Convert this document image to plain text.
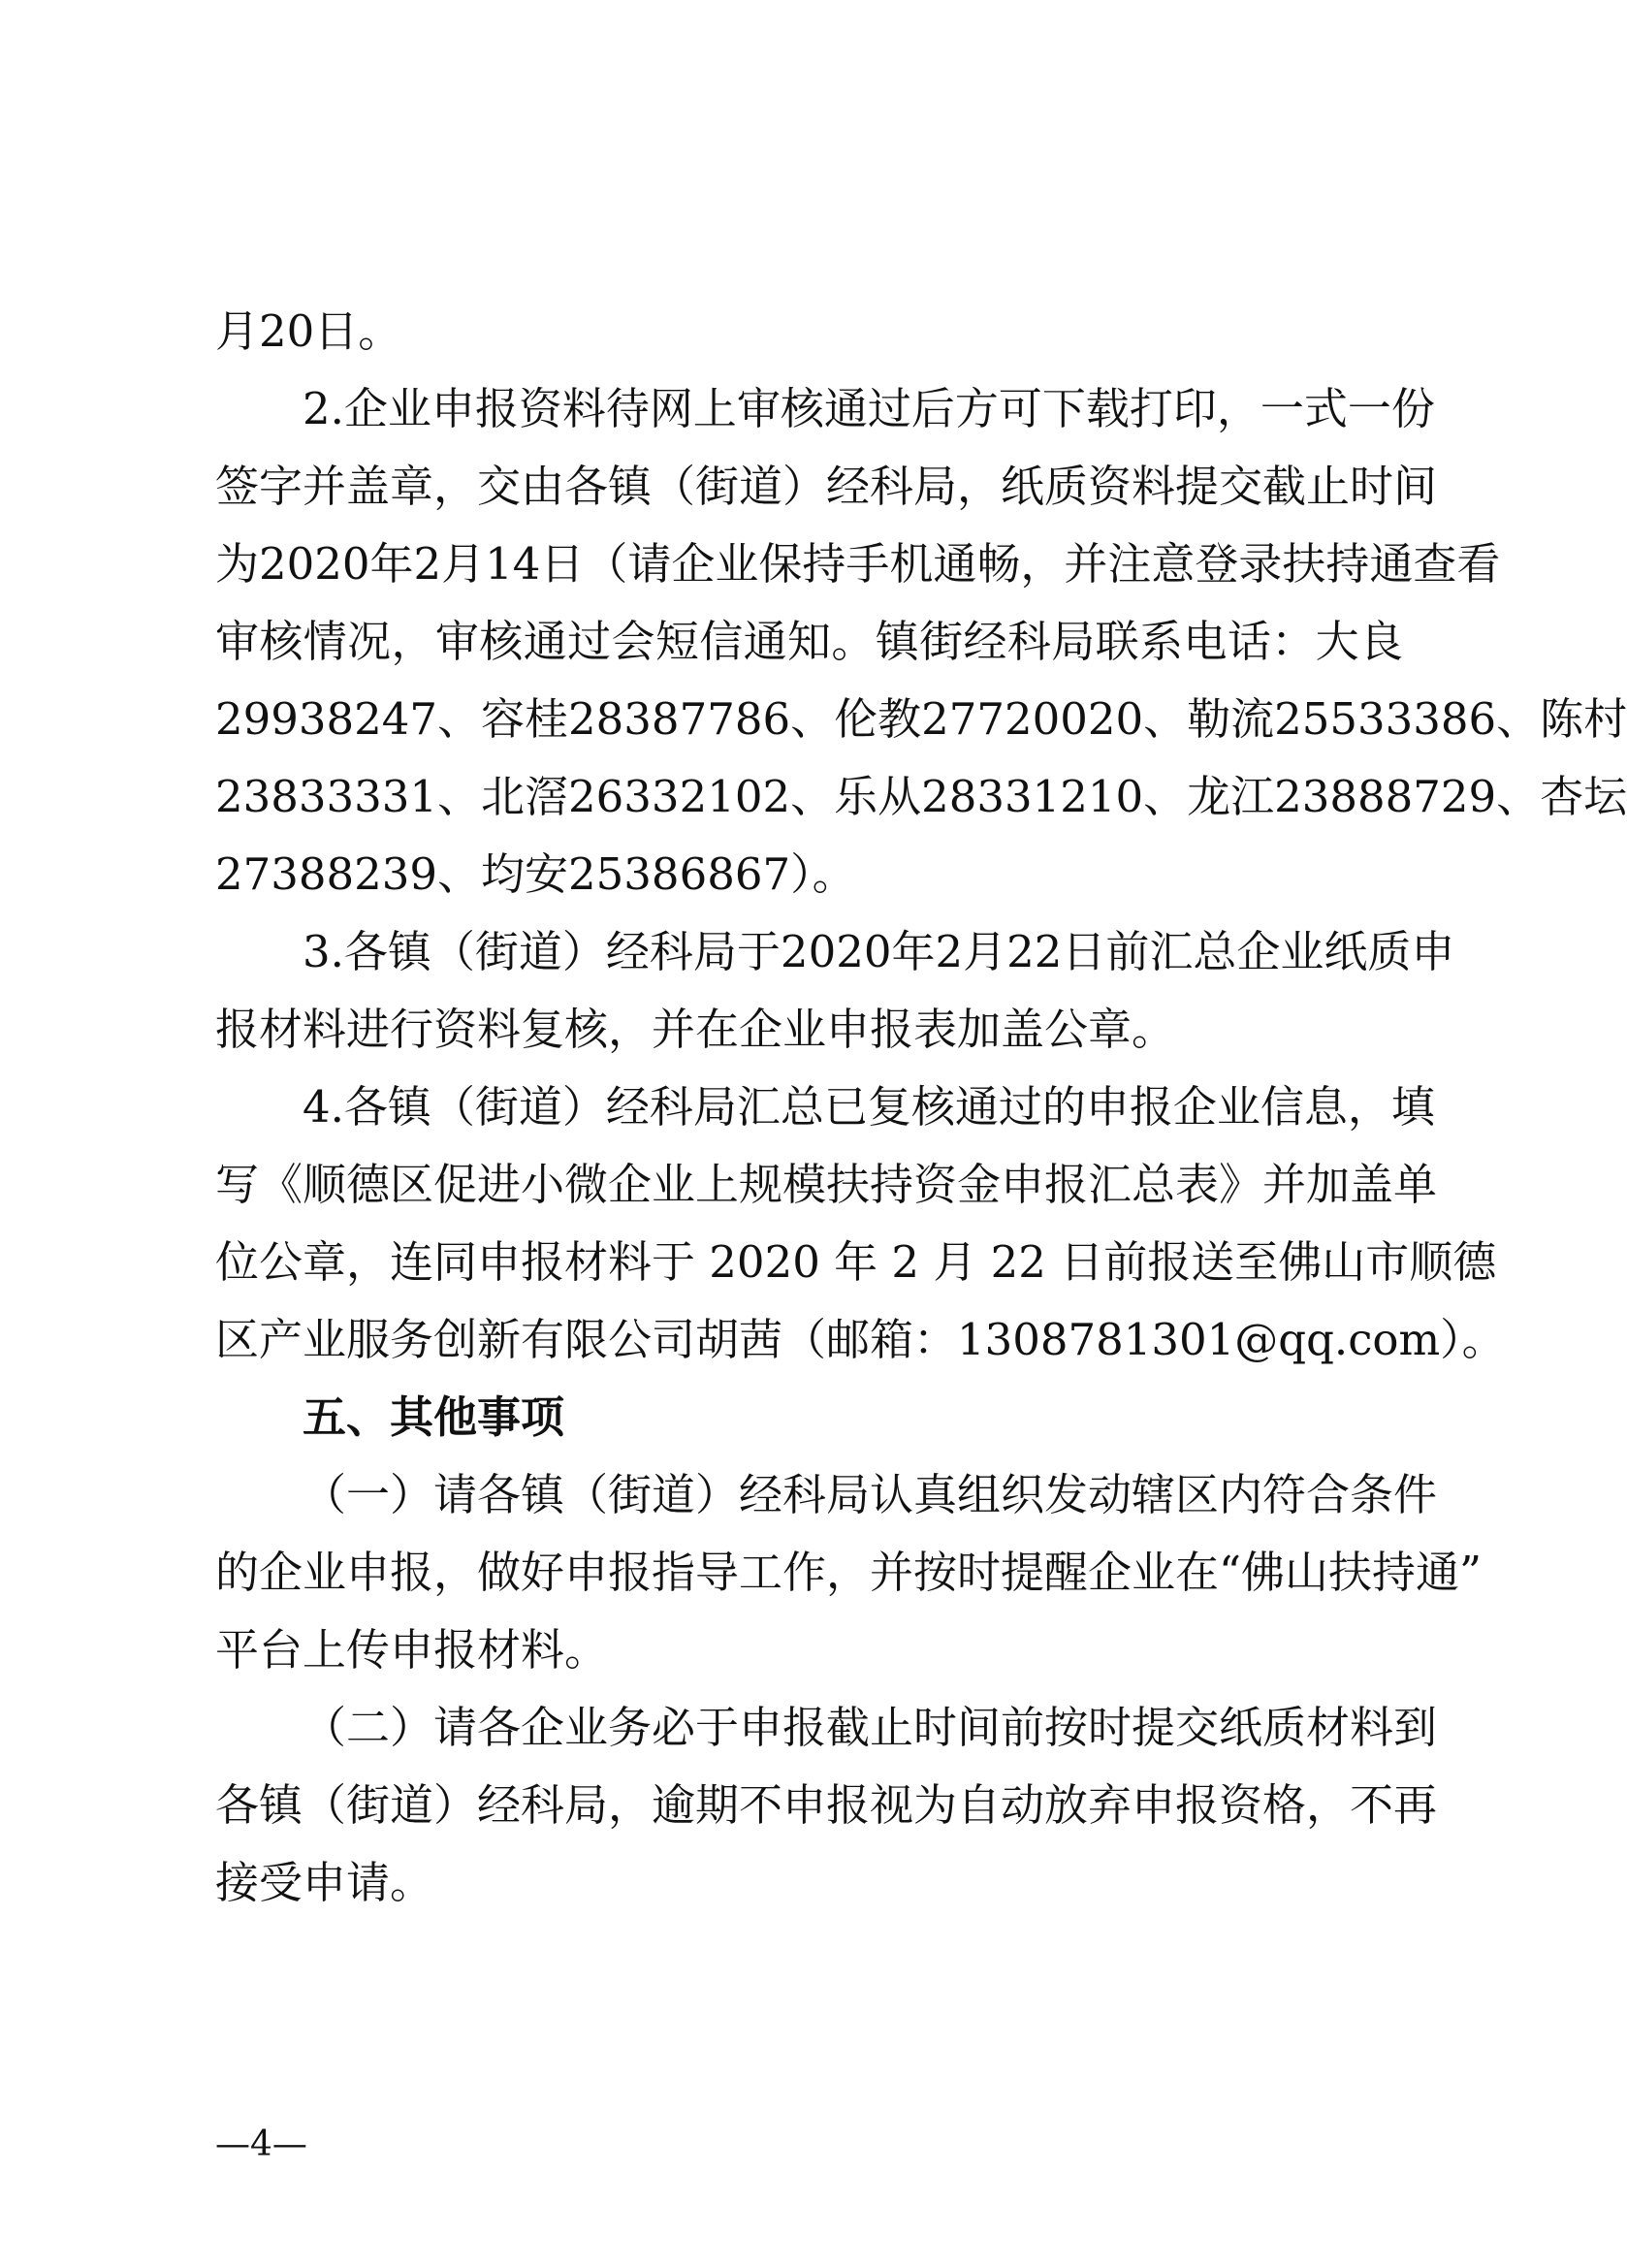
月20日。
2.企业申报资料待网上审核通过后方可下载打印，一式一份
签字并盖章，交由各镇（街道）经科局，纸质资料提交截止时间
为2020年2月14日（请企业保持手机通畅，并注意登录扶持通查看
审核情况，审核通过会短信通知。镇街经科局联系电话：大良
29938247、容桂28387786、伦教27720020、勒流25533386、陈村
23833331、北滘26332102、乐从28331210、龙江23888729、杏坛
27388239、均安25386867）。
3.各镇（街道）经科局于2020年2月22日前汇总企业纸质申
报材料进行资料复核，并在企业申报表加盖公章。
4.各镇（街道）经科局汇总已复核通过的申报企业信息，填
写《顺德区促进小微企业上规模扶持资金申报汇总表》并加盖单
位公章，连同申报材料于 2020 年 2 月 22 日前报送至佛山市顺德
区产业服务创新有限公司胡茜（邮箱：1308781301@qq.com）。
五、其他事项
（一）请各镇（街道）经科局认真组织发动辖区内符合条件
的企业申报，做好申报指导工作，并按时提醒企业在“佛山扶持通”
平台上传申报材料。
（二）请各企业务必于申报截止时间前按时提交纸质材料到
各镇（街道）经科局，逾期不申报视为自动放弃申报资格，不再
接受申请。
—4—
